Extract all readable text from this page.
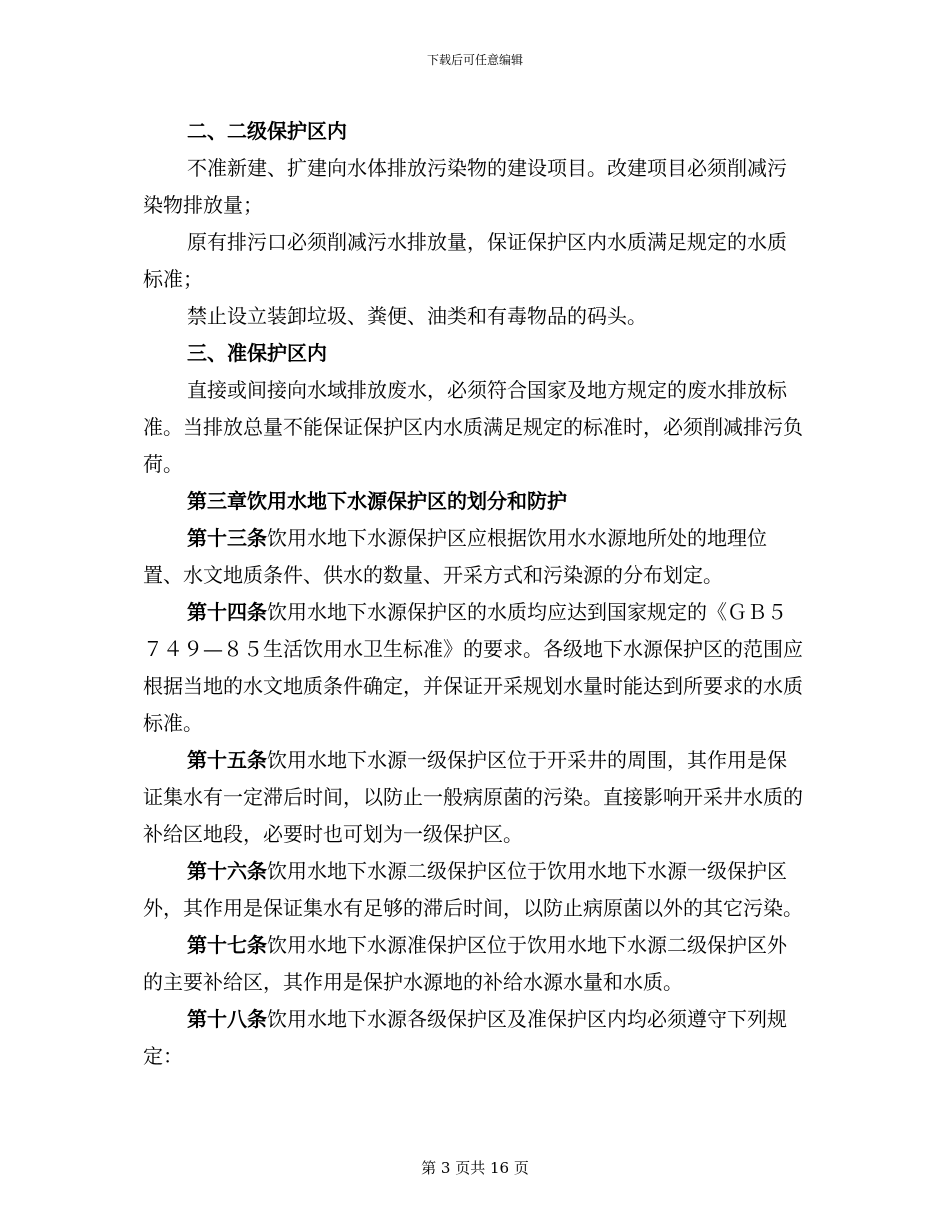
下载后可任意编辑

二、二级保护区内

不准新建、扩建向水体排放污染物的建设项目。改建项目必须削减污染物排放量；

原有排污口必须削减污水排放量，保证保护区内水质满足规定的水质标准；

禁止设立装卸垃圾、粪便、油类和有毒物品的码头。

三、准保护区内

直接或间接向水域排放废水，必须符合国家及地方规定的废水排放标准。当排放总量不能保证保护区内水质满足规定的标准时，必须削减排污负荷。

第三章饮用水地下水源保护区的划分和防护

第十三条饮用水地下水源保护区应根据饮用水水源地所处的地理位置、水文地质条件、供水的数量、开采方式和污染源的分布划定。

第十四条饮用水地下水源保护区的水质均应达到国家规定的《ＧＢ５７４９—８５生活饮用水卫生标准》的要求。各级地下水源保护区的范围应根据当地的水文地质条件确定，并保证开采规划水量时能达到所要求的水质标准。

第十五条饮用水地下水源一级保护区位于开采井的周围，其作用是保证集水有一定滞后时间，以防止一般病原菌的污染。直接影响开采井水质的补给区地段，必要时也可划为一级保护区。

第十六条饮用水地下水源二级保护区位于饮用水地下水源一级保护区外，其作用是保证集水有足够的滞后时间，以防止病原菌以外的其它污染。

第十七条饮用水地下水源准保护区位于饮用水地下水源二级保护区外的主要补给区，其作用是保护水源地的补给水源水量和水质。

第十八条饮用水地下水源各级保护区及准保护区内均必须遵守下列规定：

第 3 页共 16 页
